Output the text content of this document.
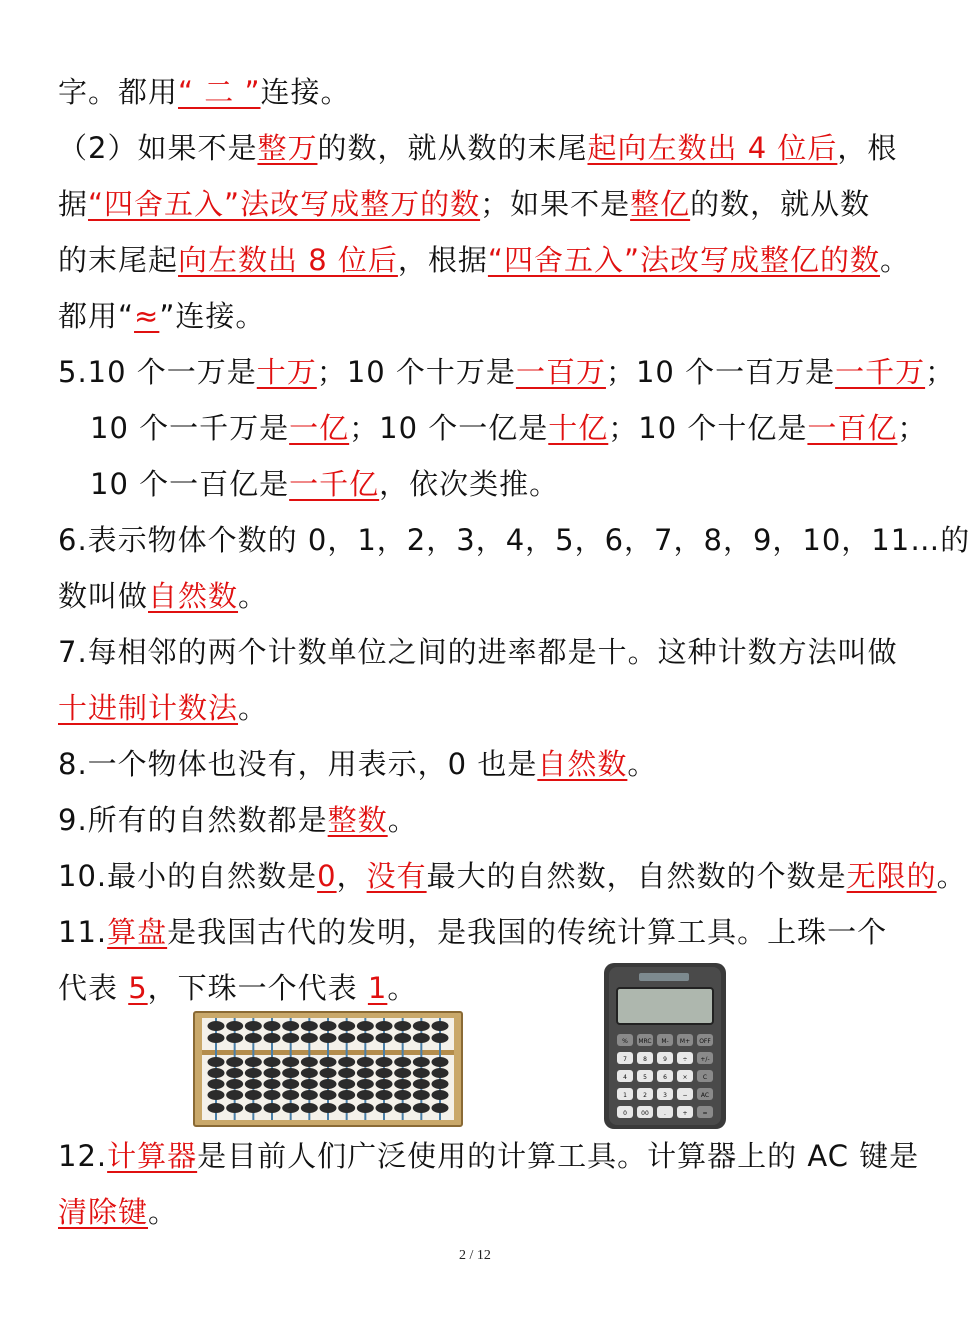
字。都用“ 二 ”连接。
（2）如果不是整万的数，就从数的末尾起向左数出 4 位后，根
据“四舍五入”法改写成整万的数；如果不是整亿的数，就从数
的末尾起向左数出 8 位后，根据“四舍五入”法改写成整亿的数。
都用“≈”连接。
5.10 个一万是十万；10 个十万是一百万；10 个一百万是一千万；
10 个一千万是一亿；10 个一亿是十亿；10 个十亿是一百亿；
10 个一百亿是一千亿，依次类推。
6.表示物体个数的 0，1，2，3，4，5，6，7，8，9，10，11…的
数叫做自然数。
7.每相邻的两个计数单位之间的进率都是十。这种计数方法叫做
十进制计数法。
8.一个物体也没有，用表示，0 也是自然数。
9.所有的自然数都是整数。
10.最小的自然数是0，没有最大的自然数，自然数的个数是无限的。
11.算盘是我国古代的发明，是我国的传统计算工具。上珠一个
代表 5，下珠一个代表 1。
12.计算器是目前人们广泛使用的计算工具。计算器上的 AC 键是
清除键。
% MRC M- M+ OFF
7	8	9	÷ +/-
4	5	6	×	C
1	2	3	− AC
0 00	.	+ =
2 / 12
